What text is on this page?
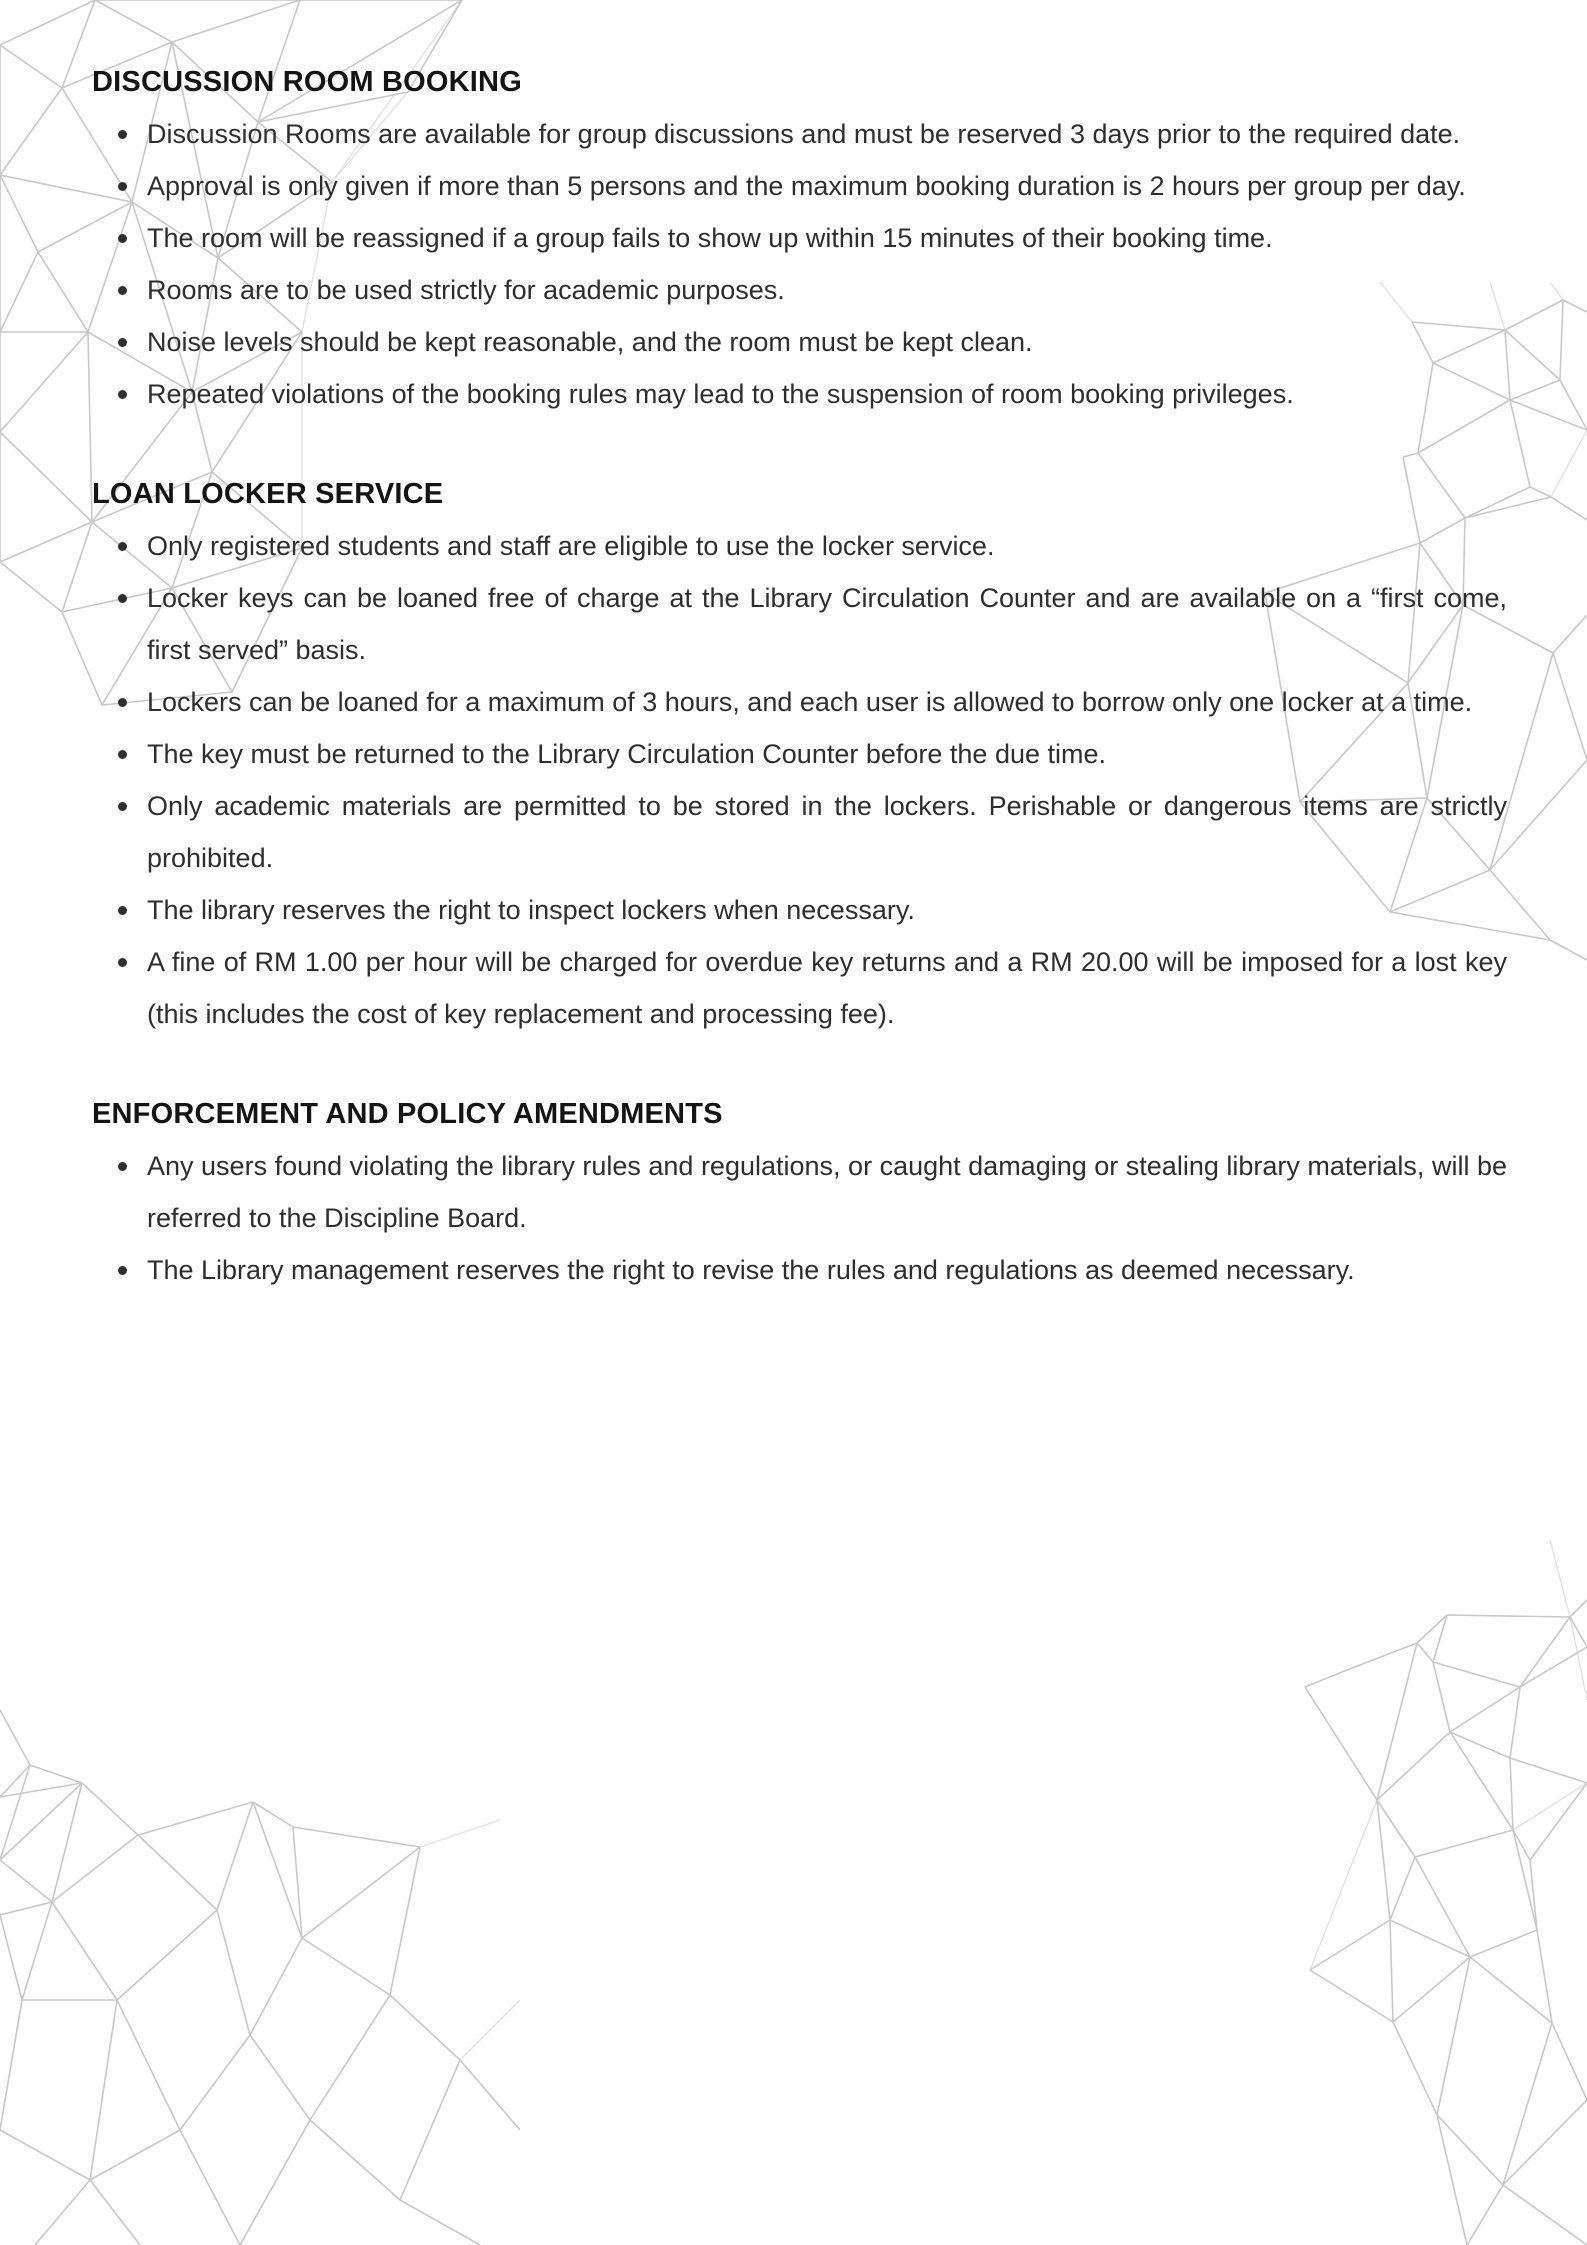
DISCUSSION ROOM BOOKING

Discussion Rooms are available for group discussions and must be reserved 3 days prior to the required date.

Approval is only given if more than 5 persons and the maximum booking duration is 2 hours per group per day.

The room will be reassigned if a group fails to show up within 15 minutes of their booking time.

Rooms are to be used strictly for academic purposes.

Noise levels should be kept reasonable, and the room must be kept clean.

Repeated violations of the booking rules may lead to the suspension of room booking privileges.

LOAN LOCKER SERVICE

Only registered students and staff are eligible to use the locker service.

Locker keys can be loaned free of charge at the Library Circulation Counter and are available on a “first come, first served” basis.

Lockers can be loaned for a maximum of 3 hours, and each user is allowed to borrow only one locker at a time.

The key must be returned to the Library Circulation Counter before the due time.

Only academic materials are permitted to be stored in the lockers. Perishable or dangerous items are strictly prohibited.

The library reserves the right to inspect lockers when necessary.

A fine of RM 1.00 per hour will be charged for overdue key returns and a RM 20.00 will be imposed for a lost key (this includes the cost of key replacement and processing fee).

ENFORCEMENT AND POLICY AMENDMENTS

Any users found violating the library rules and regulations, or caught damaging or stealing library materials, will be referred to the Discipline Board.

The Library management reserves the right to revise the rules and regulations as deemed necessary.
